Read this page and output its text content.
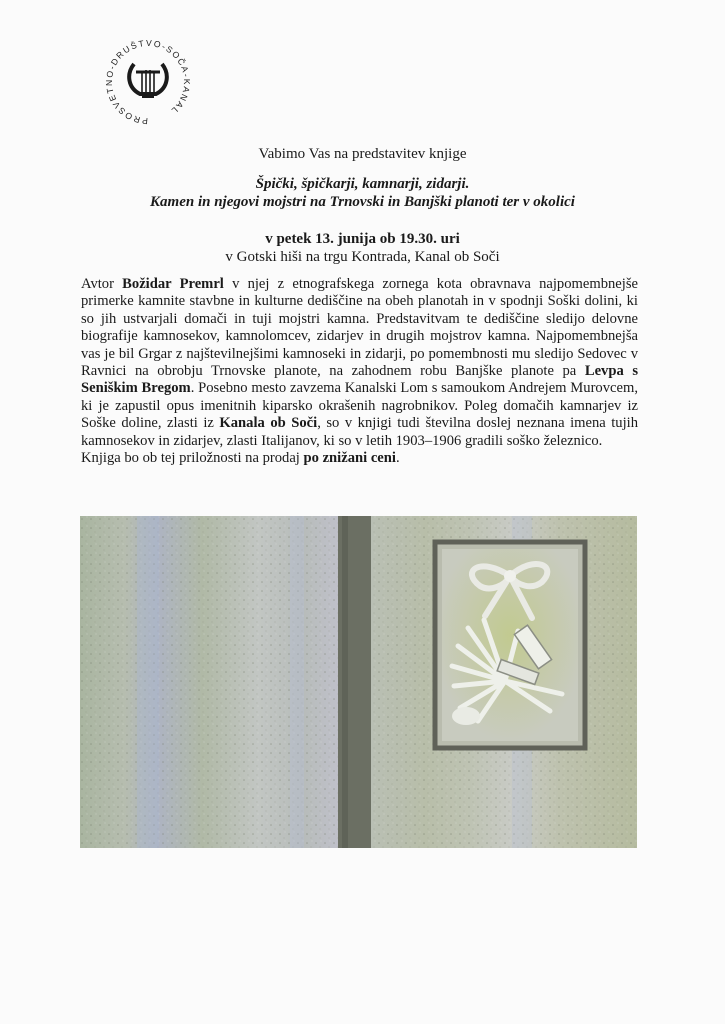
PROSVETNO-DRUŠTVO-SOČA-KANAL
Vabimo Vas na predstavitev knjige
Špički, špičkarji, kamnarji, zidarji.
Kamen in njegovi mojstri na Trnovski in Banjški planoti ter v okolici
v petek 13. junija ob 19.30. uri
v Gotski hiši na trgu Kontrada, Kanal ob Soči

Avtor Božidar Premrl v njej z etnografskega zornega kota obravnava najpomembnejše primerke kamnite stavbne in kulturne dediščine na obeh planotah in v spodnji Soški dolini, ki so jih ustvarjali domači in tuji mojstri kamna. Predstavitvam te dediščine sledijo delovne biografije kamnosekov, kamnolomcev, zidarjev in drugih mojstrov kamna. Najpomembnejša vas je bil Grgar z najštevilnejšimi kamnoseki in zidarji, po pomembnosti mu sledijo Sedovec v Ravnici na obrobju Trnovske planote, na zahodnem robu Banjške planote pa Levpa s Seniškim Bregom. Posebno mesto zavzema Kanalski Lom s samoukom Andrejem Murovcem, ki je zapustil opus imenitnih kiparsko okrašenih nagrobnikov. Poleg domačih kamnarjev iz Soške doline, zlasti iz Kanala ob Soči, so v knjigi tudi številna doslej neznana imena tujih kamnosekov in zidarjev, zlasti Italijanov, ki so v letih 1903–1906 gradili soško železnico.

Knjiga bo ob tej priložnosti na prodaj po znižani ceni.
